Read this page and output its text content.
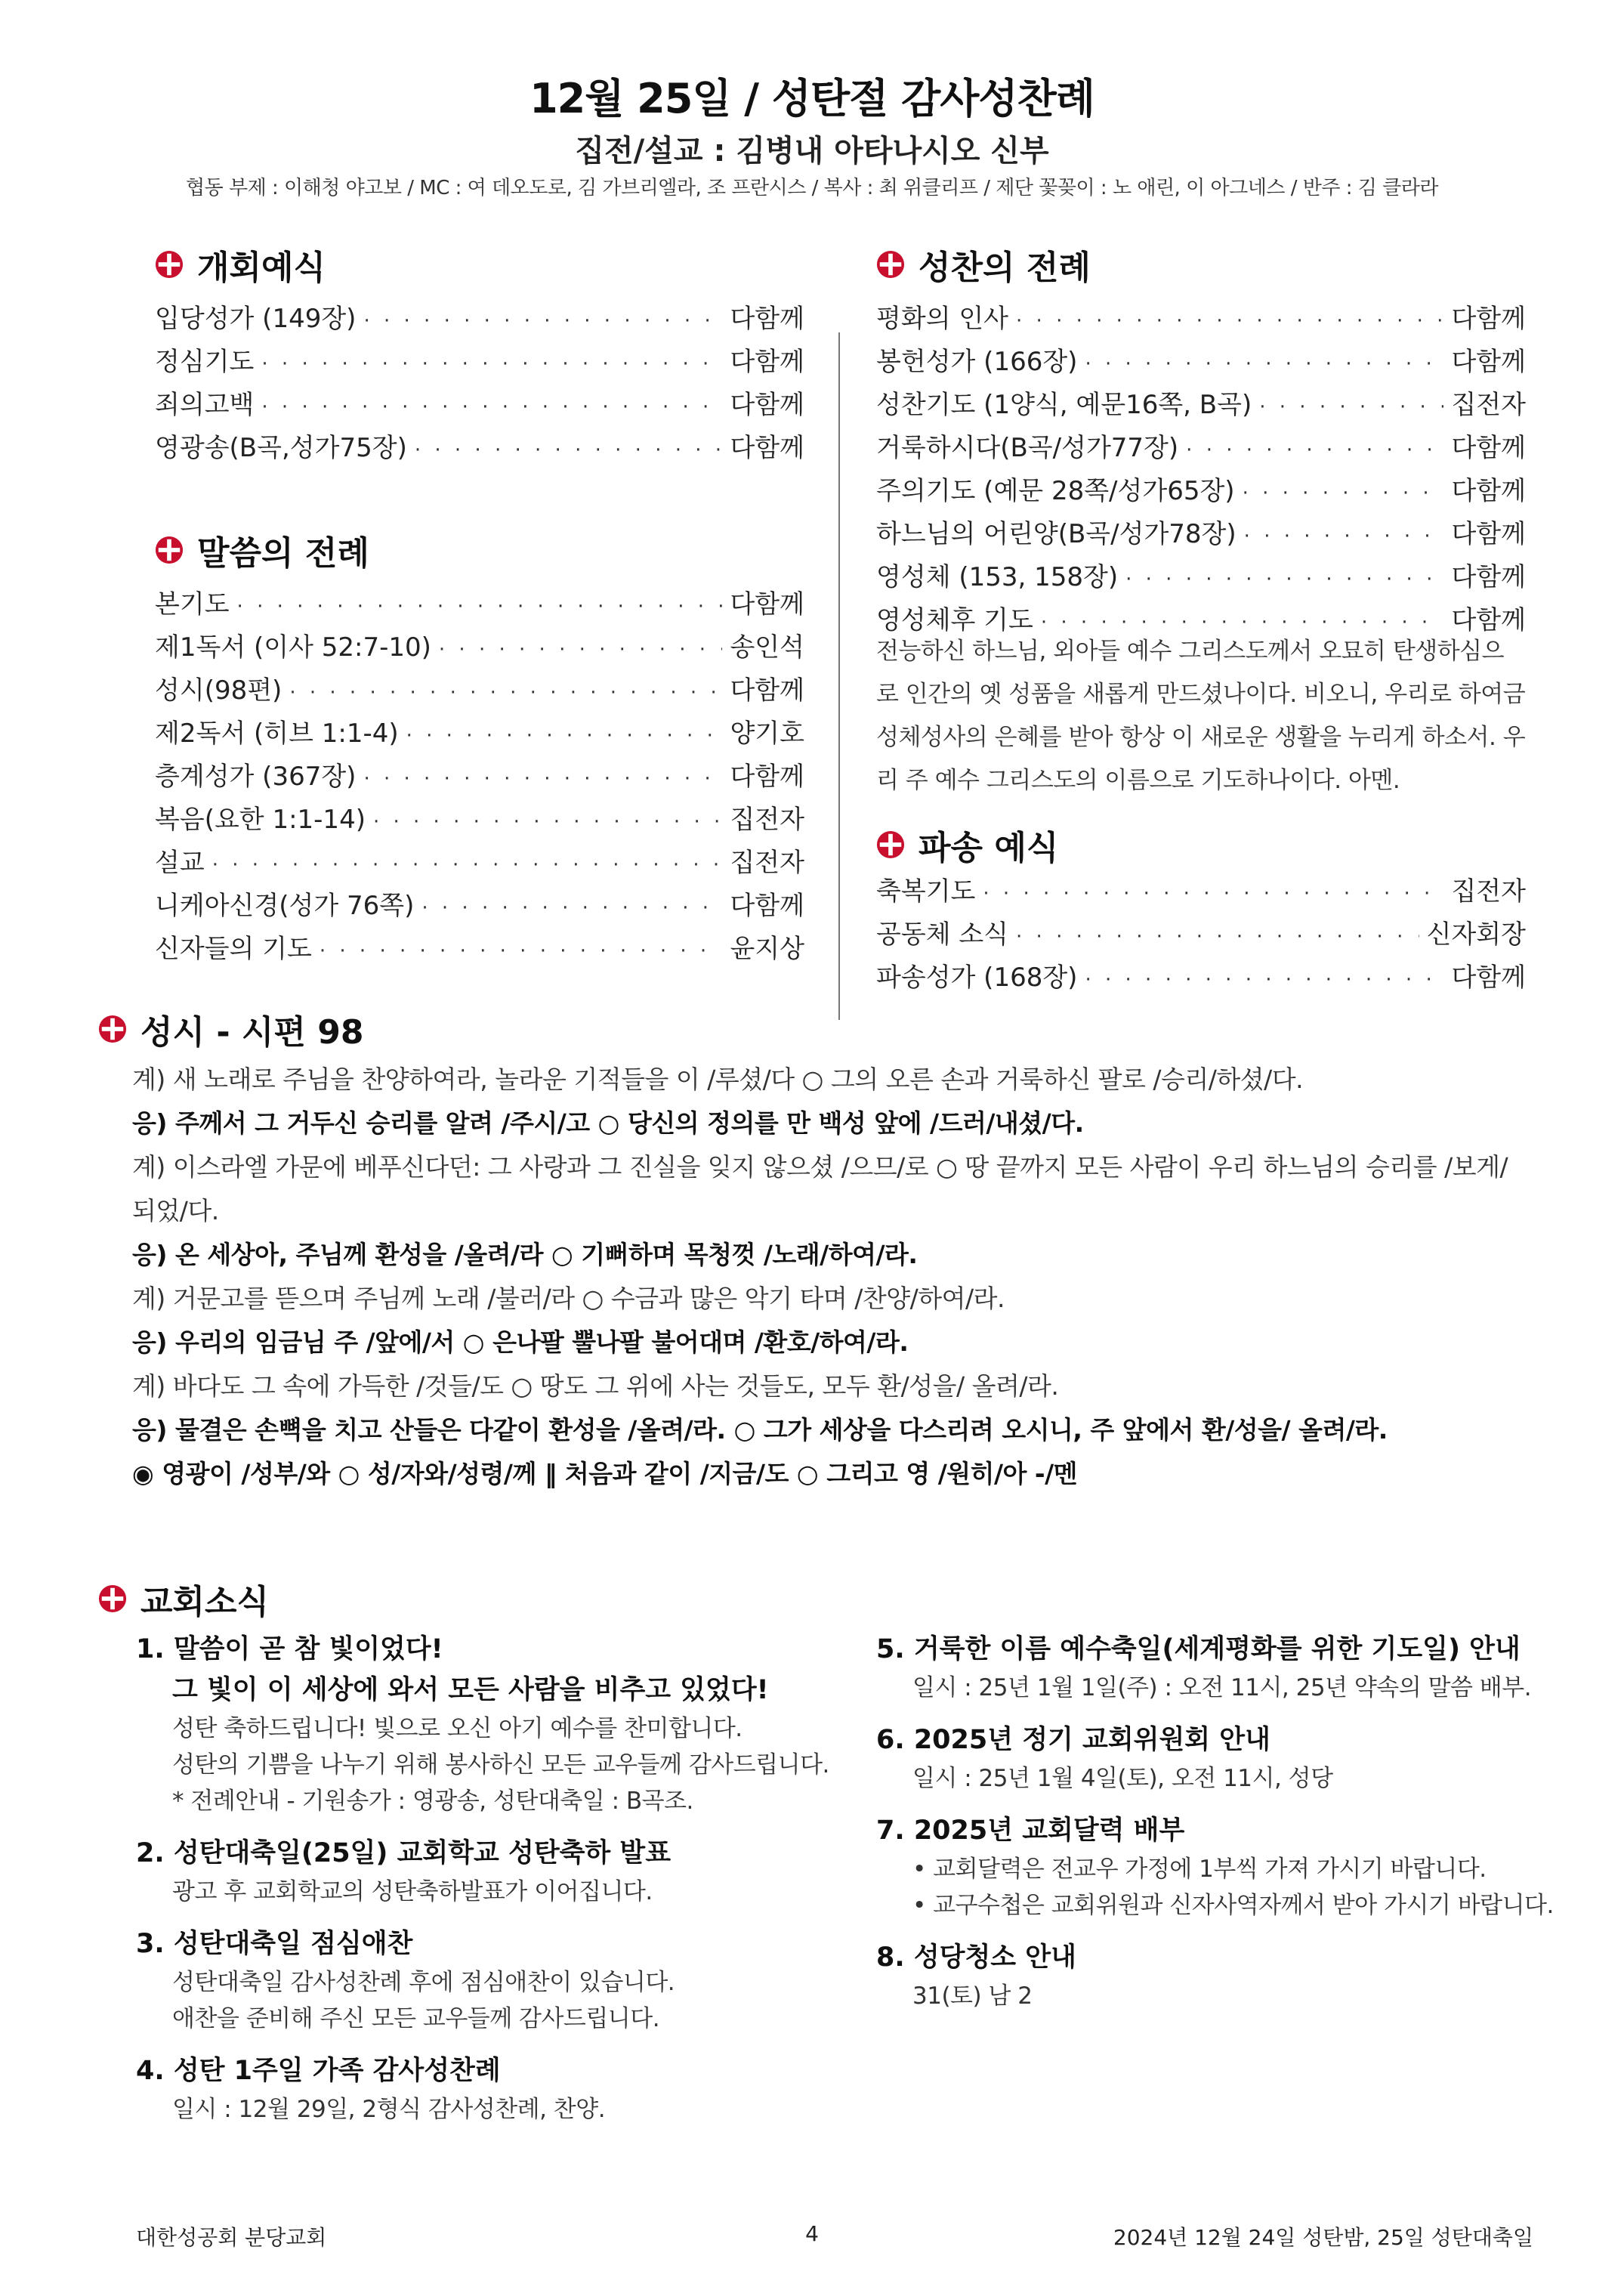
12월 25일 / 성탄절 감사성찬례
집전/설교 : 김병내 아타나시오 신부
협동 부제 : 이해청 야고보 / MC : 여 데오도로, 김 가브리엘라, 조 프란시스 / 복사 : 최 위클리프 / 제단 꽃꽂이 : 노 애린, 이 아그네스 / 반주 : 김 클라라
개회예식
입당성가 (149장) · · ·	다함께
정심기도 · · ·	다함께
죄의고백 · · ·	다함께
영광송(B곡,성가75장) · · ·	다함께
말씀의 전례
본기도 · · ·	다함께
제1독서 (이사 52:7-10) · · ·	송인석
성시(98편) · · ·	다함께
제2독서 (히브 1:1-4) · · ·	양기호
층계성가 (367장) · · ·	다함께
복음(요한 1:1-14) · · ·	집전자
설교 · · ·	집전자
니케아신경(성가 76쪽) · · ·	다함께
신자들의 기도 · · ·	윤지상
성찬의 전례
평화의 인사 · · ·	다함께
봉헌성가 (166장) · · ·	다함께
성찬기도 (1양식, 예문16쪽, B곡) · · ·	집전자
거룩하시다(B곡/성가77장) · · ·	다함께
주의기도 (예문 28쪽/성가65장) · · ·	다함께
하느님의 어린양(B곡/성가78장) · · ·	다함께
영성체 (153, 158장) · · ·	다함께
영성체후 기도 · · ·	다함께
전능하신 하느님, 외아들 예수 그리스도께서 오묘히 탄생하심으로 인간의 옛 성품을 새롭게 만드셨나이다. 비오니, 우리로 하여금 성체성사의 은혜를 받아 항상 이 새로운 생활을 누리게 하소서. 우리 주 예수 그리스도의 이름으로 기도하나이다. 아멘.
파송 예식
축복기도 · · ·	집전자
공동체 소식 · · ·	신자회장
파송성가 (168장) · · ·	다함께
성시 - 시편 98

계) 새 노래로 주님을 찬양하여라, 놀라운 기적들을 이 /루셨/다 ○ 그의 오른 손과 거룩하신 팔로 /승리/하셨/다.

응) 주께서 그 거두신 승리를 알려 /주시/고 ○ 당신의 정의를 만 백성 앞에 /드러/내셨/다.

계) 이스라엘 가문에 베푸신다던: 그 사랑과 그 진실을 잊지 않으셨 /으므/로 ○ 땅 끝까지 모든 사람이 우리 하느님의 승리를 /보게/

되었/다.

응) 온 세상아, 주님께 환성을 /올려/라 ○ 기뻐하며 목청껏 /노래/하여/라.

계) 거문고를 뜯으며 주님께 노래 /불러/라 ○ 수금과 많은 악기 타며 /찬양/하여/라.

응) 우리의 임금님 주 /앞에/서 ○ 은나팔 뿔나팔 불어대며 /환호/하여/라.

계) 바다도 그 속에 가득한 /것들/도 ○ 땅도 그 위에 사는 것들도, 모두 환/성을/ 올려/라.

응) 물결은 손뼉을 치고 산들은 다같이 환성을 /올려/라. ○ 그가 세상을 다스리려 오시니, 주 앞에서 환/성을/ 올려/라.

◉ 영광이 /성부/와 ○ 성/자와/성령/께 ‖ 처음과 같이 /지금/도 ○ 그리고 영 /원히/아 -/멘

교회소식
1. 말씀이 곧 참 빛이었다!
그 빛이 이 세상에 와서 모든 사람을 비추고 있었다!
성탄 축하드립니다! 빛으로 오신 아기 예수를 찬미합니다.
성탄의 기쁨을 나누기 위해 봉사하신 모든 교우들께 감사드립니다.
* 전례안내 - 기원송가 : 영광송, 성탄대축일 : B곡조.
2. 성탄대축일(25일) 교회학교 성탄축하 발표
광고 후 교회학교의 성탄축하발표가 이어집니다.
3. 성탄대축일 점심애찬
성탄대축일 감사성찬례 후에 점심애찬이 있습니다.
애찬을 준비해 주신 모든 교우들께 감사드립니다.
4. 성탄 1주일 가족 감사성찬례
일시 : 12월 29일, 2형식 감사성찬례, 찬양.
5. 거룩한 이름 예수축일(세계평화를 위한 기도일) 안내
일시 : 25년 1월 1일(주) : 오전 11시, 25년 약속의 말씀 배부.
6. 2025년 정기 교회위원회 안내
일시 : 25년 1월 4일(토), 오전 11시, 성당
7. 2025년 교회달력 배부
• 교회달력은 전교우 가정에 1부씩 가져 가시기 바랍니다.
• 교구수첩은 교회위원과 신자사역자께서 받아 가시기 바랍니다.
8. 성당청소 안내
31(토) 남 2
대한성공회 분당교회	4	2024년 12월 24일 성탄밤, 25일 성탄대축일
